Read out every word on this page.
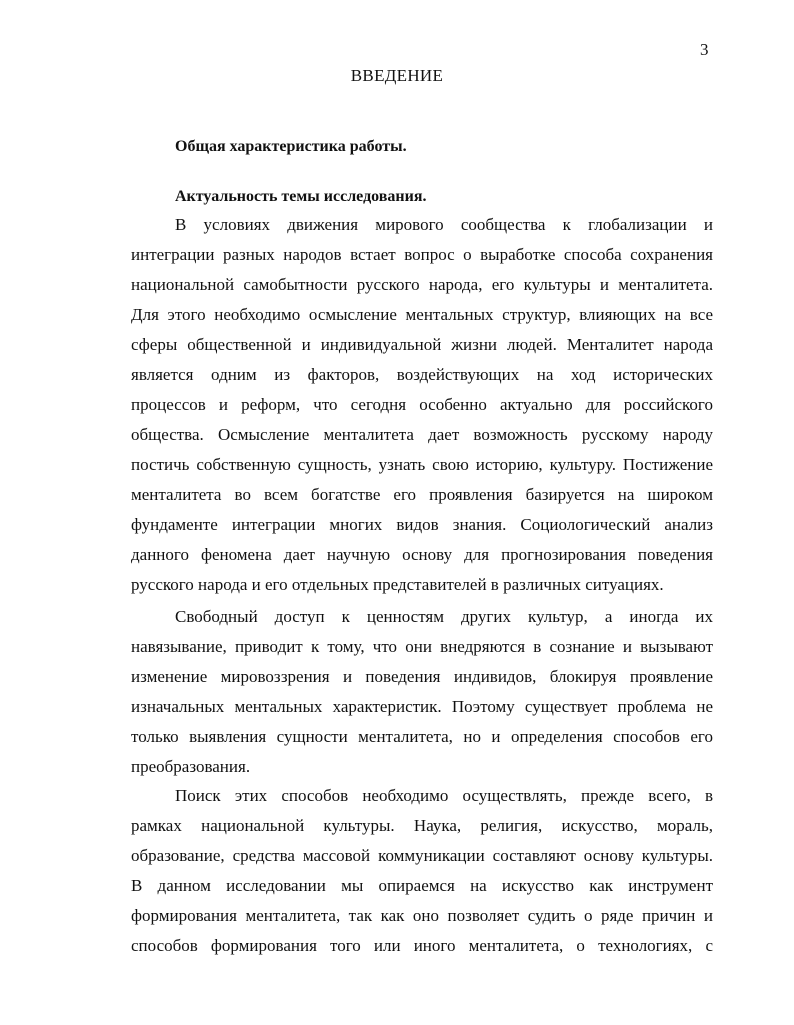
3
ВВЕДЕНИЕ
Общая характеристика работы.
Актуальность темы исследования.
В условиях движения мирового сообщества к глобализации и
интеграции разных народов встает вопрос о выработке способа сохранения
национальной самобытности русского народа, его культуры и менталитета.
Для этого необходимо осмысление ментальных структур, влияющих на все
сферы общественной и индивидуальной жизни людей. Менталитет народа
является одним из факторов, воздействующих на ход исторических
процессов и реформ, что сегодня особенно актуально для российского
общества. Осмысление менталитета дает возможность русскому народу
постичь собственную сущность, узнать свою историю, культуру. Постижение
менталитета во всем богатстве его проявления базируется на широком
фундаменте интеграции многих видов знания. Социологический анализ
данного феномена дает научную основу для прогнозирования поведения
русского народа и его отдельных представителей в различных ситуациях.
Свободный доступ к ценностям других культур, а иногда их
навязывание, приводит к тому, что они внедряются в сознание и вызывают
изменение мировоззрения и поведения индивидов, блокируя проявление
изначальных ментальных характеристик. Поэтому существует проблема не
только выявления сущности менталитета, но и определения способов его
преобразования.
Поиск этих способов необходимо осуществлять, прежде всего, в
рамках национальной культуры. Наука, религия, искусство, мораль,
образование, средства массовой коммуникации составляют основу культуры.
В данном исследовании мы опираемся на искусство как инструмент
формирования менталитета, так как оно позволяет судить о ряде причин и
способов формирования того или иного менталитета, о технологиях, с
